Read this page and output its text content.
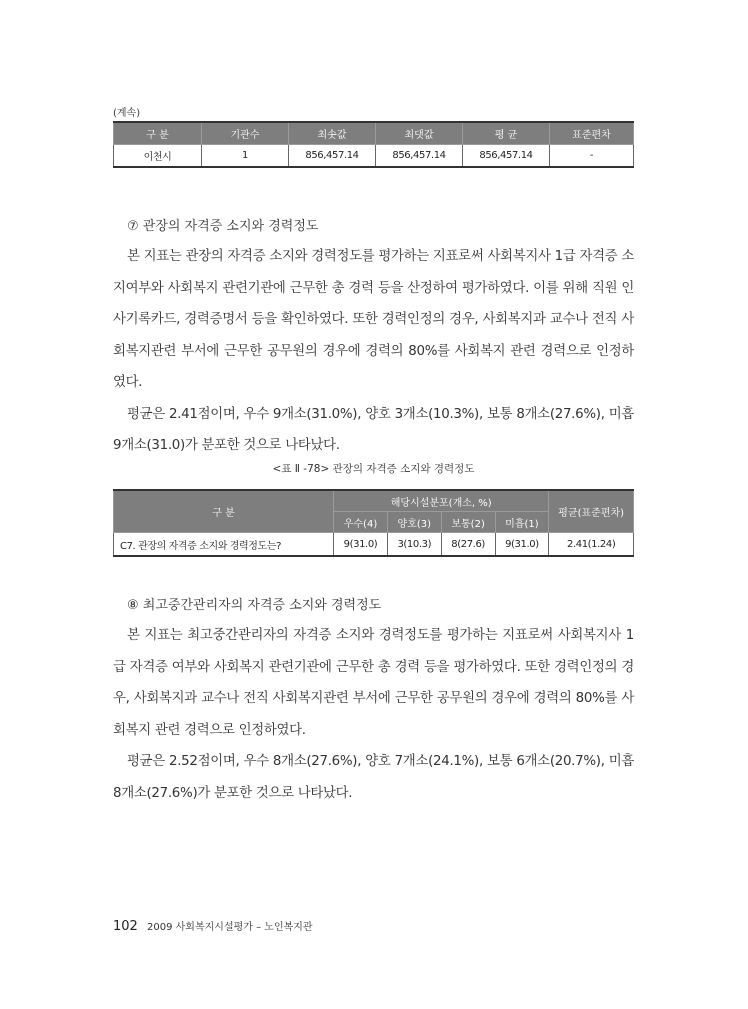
(계속)
구 분	기관수	최솟값	최댓값	평 균	표준편차
이천시	1	856,457.14	856,457.14	856,457.14	-
⑦ 관장의 자격증 소지와 경력정도
본 지표는 관장의 자격증 소지와 경력정도를 평가하는 지표로써 사회복지사 1급 자격증 소지여부와 사회복지 관련기관에 근무한 총 경력 등을 산정하여 평가하였다. 이를 위해 직원 인사기록카드, 경력증명서 등을 확인하였다. 또한 경력인정의 경우, 사회복지과 교수나 전직 사회복지관련 부서에 근무한 공무원의 경우에 경력의 80%를 사회복지 관련 경력으로 인정하였다.
평균은 2.41점이며, 우수 9개소(31.0%), 양호 3개소(10.3%), 보통 8개소(27.6%), 미흡 9개소(31.0)가 분포한 것으로 나타났다.
<표 Ⅱ -78> 관장의 자격증 소지와 경력정도
구 분	해당시설분포(개소, %)				평균(표준편차)
	우수(4)	양호(3)	보통(2)	미흡(1)	
C7. 관장의 자격증 소지와 경력정도는?	9(31.0)	3(10.3)	8(27.6)	9(31.0)	2.41(1.24)
⑧ 최고중간관리자의 자격증 소지와 경력정도
본 지표는 최고중간관리자의 자격증 소지와 경력정도를 평가하는 지표로써 사회복지사 1급 자격증 여부와 사회복지 관련기관에 근무한 총 경력 등을 평가하였다. 또한 경력인정의 경우, 사회복지과 교수나 전직 사회복지관련 부서에 근무한 공무원의 경우에 경력의 80%를 사회복지 관련 경력으로 인정하였다.
평균은 2.52점이며, 우수 8개소(27.6%), 양호 7개소(24.1%), 보통 6개소(20.7%), 미흡 8개소(27.6%)가 분포한 것으로 나타났다.
102 2009 사회복지시설평가 – 노인복지관
